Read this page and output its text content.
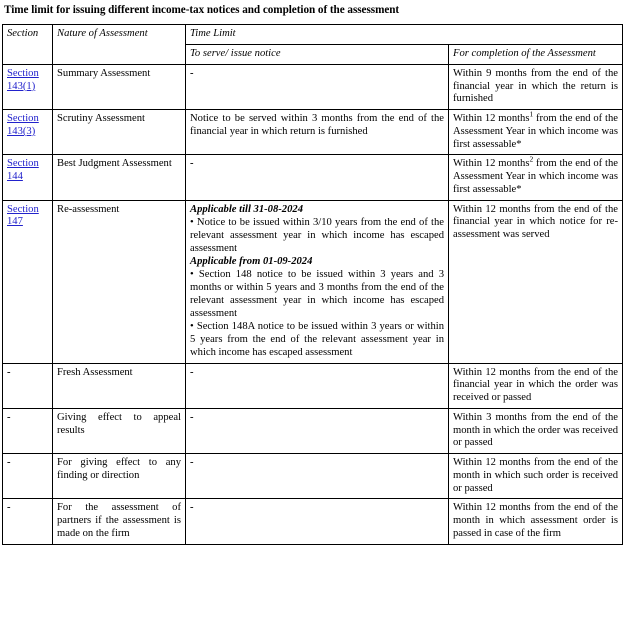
Time limit for issuing different income-tax notices and completion of the assessment
Section	Nature of Assessment	Time Limit	
		To serve/ issue notice	For completion of the Assessment
Section 143(1)	Summary Assessment	-	Within 9 months from the end of the financial year in which the return is furnished
Section 143(3)	Scrutiny Assessment	Notice to be served within 3 months from the end of the financial year in which return is furnished	Within 12 months$^1$ from the end of the Assessment Year in which income was first assessable*
Section 144	Best Judgment Assessment	-	Within 12 months$^2$ from the end of the Assessment Year in which income was first assessable*
Section 147	Re-assessment	Applicable till 31-08-2024
• Notice to be issued within 3/10 years from the end of the relevant assessment year in which income has escaped assessment
Applicable from 01-09-2024
• Section 148 notice to be issued within 3 years and 3 months or within 5 years and 3 months from the end of the relevant assessment year in which income has escaped assessment
• Section 148A notice to be issued within 3 years or within 5 years from the end of the relevant assessment year in which income has escaped assessment	Within 12 months from the end of the financial year in which notice for re-assessment was served
-	Fresh Assessment	-	Within 12 months from the end of the financial year in which the order was received or passed
-	Giving effect to appeal results	-	Within 3 months from the end of the month in which the order was received or passed
-	For giving effect to any finding or direction	-	Within 12 months from the end of the month in which such order is received or passed
-	For the assessment of partners if the assessment is made on the firm	-	Within 12 months from the end of the month in which assessment order is passed in case of the firm
